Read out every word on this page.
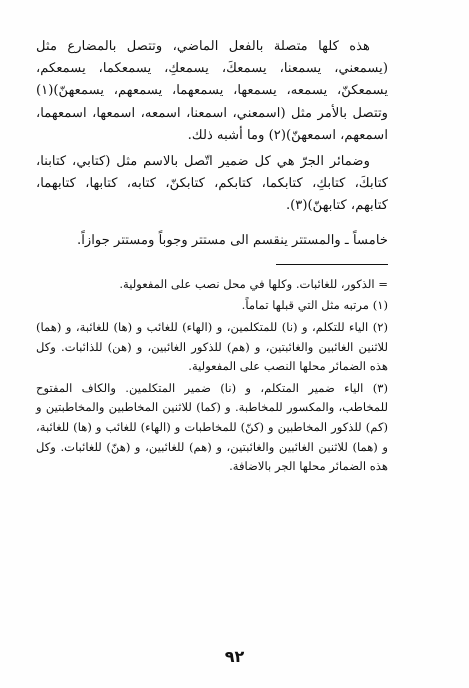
هذه كلها متصلة بالفعل الماضي، وتتصل بالمضارع مثل (يسمعني، يسمعنا، يسمعكَ، يسمعكِ، يسمعكما، يسمعكم، يسمعكنّ، يسمعه، يسمعها، يسمعهما، يسمعهم، يسمعهنّ)(١) وتتصل بالأمر مثل (اسمعني، اسمعنا، اسمعه، اسمعها، اسمعهما، اسمعهم، اسمعهنّ)(٢) وما أشبه ذلك.

وضمائر الجرّ هي كل ضمير اتّصل بالاسم مثل (كتابي، كتابنا، كتابكَ، كتابكِ، كتابكما، كتابكم، كتابكنّ، كتابه، كتابها، كتابهما، كتابهم، كتابهنّ)(٣).

خامساً ـ والمستتر ينقسم الى مستتر وجوباً ومستتر جوازاً.

= الذكور، للغائبات. وكلها في محل نصب على المفعولية.

(١) مرتبه مثل التي قبلها تماماً.

(٢) الياء للتكلم، و (نا) للمتكلمين، و (الهاء) للغائب و (ها) للغائبة، و (هما) للاثنين الغائبين والغائبتين، و (هم) للذكور الغائبين، و (هن) للذائبات. وكل هذه الضمائر محلها النصب على المفعولية.

(٣) الياء ضمير المتكلم، و (نا) ضمير المتكلمين. والكاف المفتوح للمخاطب، والمكسور للمخاطبة. و (كما) للاثنين المخاطبين والمخاطبتين و (كم) للذكور المخاطبين و (كنّ) للمخاطبات و (الهاء) للغائب و (ها) للغائبة، و (هما) للاثنين الغائبين والغائبتين، و (هم) للغائبين، و (هنّ) للغائبات. وكل هذه الضمائر محلها الجر بالاضافة.

٩٢
